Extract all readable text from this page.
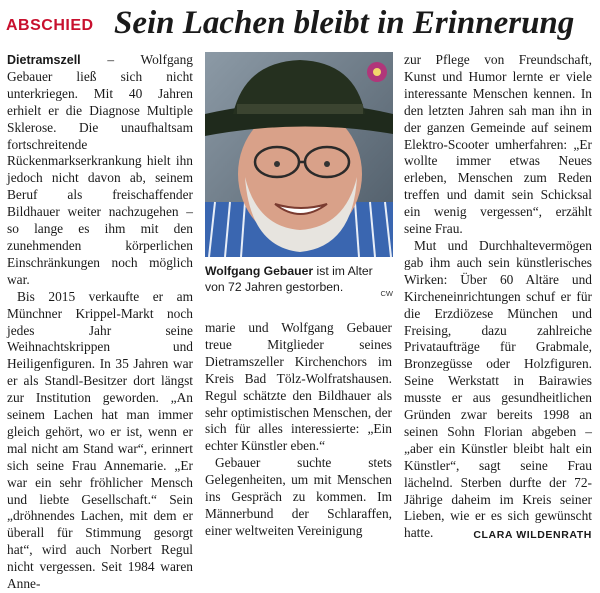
ABSCHIED Sein Lachen bleibt in Erinnerung

Dietramszell – Wolfgang Gebauer ließ sich nicht unterkriegen. Mit 40 Jahren erhielt er die Diagnose Multiple Sklerose. Die unaufhaltsam fortschreitende Rückenmarkserkrankung hielt ihn jedoch nicht davon ab, seinem Beruf als freischaffender Bildhauer weiter nachzugehen – so lange es ihm mit den zunehmenden körperlichen Einschränkungen noch möglich war.

Bis 2015 verkaufte er am Münchner Krippel-Markt noch jedes Jahr seine Weihnachtskrippen und Heiligenfiguren. In 35 Jahren war er als Standl-Besitzer dort längst zur Institution geworden. „An seinem Lachen hat man immer gleich gehört, wo er ist, wenn er mal nicht am Stand war“, erinnert sich seine Frau Annemarie. „Er war ein sehr fröhlicher Mensch und liebte Gesellschaft.“ Sein „dröhnendes Lachen, mit dem er überall für Stimmung gesorgt hat“, wird auch Norbert Regul nicht vergessen. Seit 1984 waren Anne-

Wolfgang Gebauer ist im Alter von 72 Jahren gestorben.	CW

marie und Wolfgang Gebauer treue Mitglieder seines Dietramszeller Kirchenchors im Kreis Bad Tölz-Wolfratshausen. Regul schätzte den Bildhauer als sehr optimistischen Menschen, der sich für alles interessierte: „Ein echter Künstler eben.“

Gebauer suchte stets Gelegenheiten, um mit Menschen ins Gespräch zu kommen. Im Männerbund der Schlaraffen, einer weltweiten Vereinigung

zur Pflege von Freundschaft, Kunst und Humor lernte er viele interessante Menschen kennen. In den letzten Jahren sah man ihn in der ganzen Gemeinde auf seinem Elektro-Scooter umherfahren: „Er wollte immer etwas Neues erleben, Menschen zum Reden treffen und damit sein Schicksal ein wenig vergessen“, erzählt seine Frau.

Mut und Durchhaltevermögen gab ihm auch sein künstlerisches Wirken: Über 60 Altäre und Kircheneinrichtungen schuf er für die Erzdiözese München und Freising, dazu zahlreiche Privataufträge für Grabmale, Bronzegüsse oder Holzfiguren. Seine Werkstatt in Bairawies musste er aus gesundheitlichen Gründen zwar bereits 1998 an seinen Sohn Florian abgeben – „aber ein Künstler bleibt halt ein Künstler“, sagt seine Frau lächelnd. Sterben durfte der 72-Jährige daheim im Kreis seiner Lieben, wie er es sich gewünscht hatte.	CLARA WILDENRATH
